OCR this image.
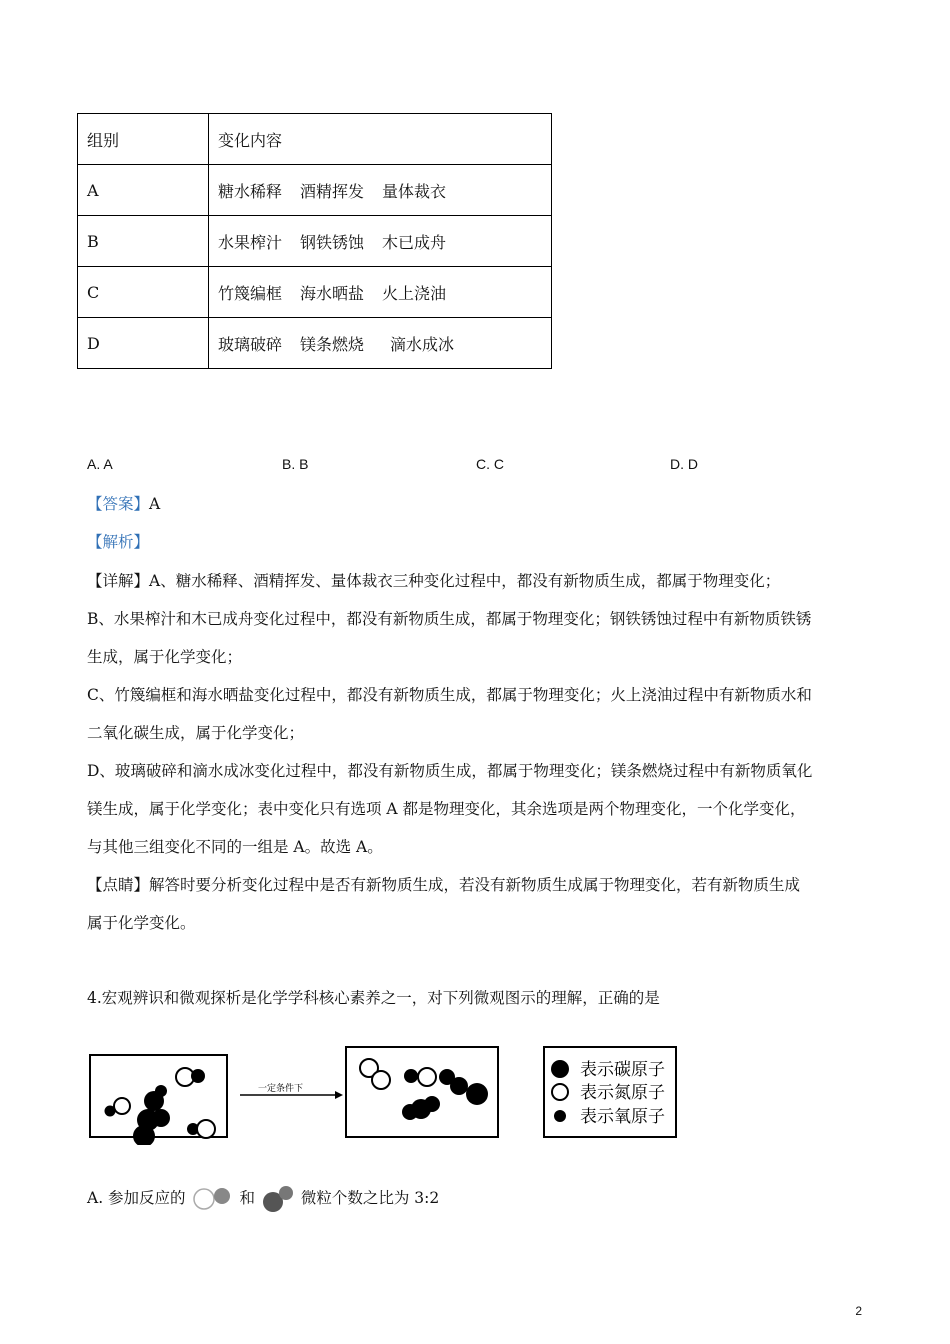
组别	变化内容
A	糖水稀释 酒精挥发 量体裁衣
B	水果榨汁 钢铁锈蚀 木已成舟
C	竹篾编框 海水晒盐 火上浇油
D	玻璃破碎 镁条燃烧 滴水成冰
A. A	B. B	C. C	D. D
【答案】A
【解析】
【详解】A、糖水稀释、酒精挥发、量体裁衣三种变化过程中，都没有新物质生成，都属于物理变化；
B、水果榨汁和木已成舟变化过程中，都没有新物质生成，都属于物理变化；钢铁锈蚀过程中有新物质铁锈
生成，属于化学变化；
C、竹篾编框和海水晒盐变化过程中，都没有新物质生成，都属于物理变化；火上浇油过程中有新物质水和
二氧化碳生成，属于化学变化；
D、玻璃破碎和滴水成冰变化过程中，都没有新物质生成，都属于物理变化；镁条燃烧过程中有新物质氧化
镁生成，属于化学变化；表中变化只有选项 A 都是物理变化，其余选项是两个物理变化，一个化学变化，
与其他三组变化不同的一组是 A。故选 A。
【点睛】解答时要分析变化过程中是否有新物质生成，若没有新物质生成属于物理变化，若有新物质生成
属于化学变化。
4.宏观辨识和微观探析是化学学科核心素养之一，对下列微观图示的理解，正确的是
一定条件下
表示碳原子
表示氮原子
表示氧原子
A. 参加反应的	和	微粒个数之比为 3:2
2
